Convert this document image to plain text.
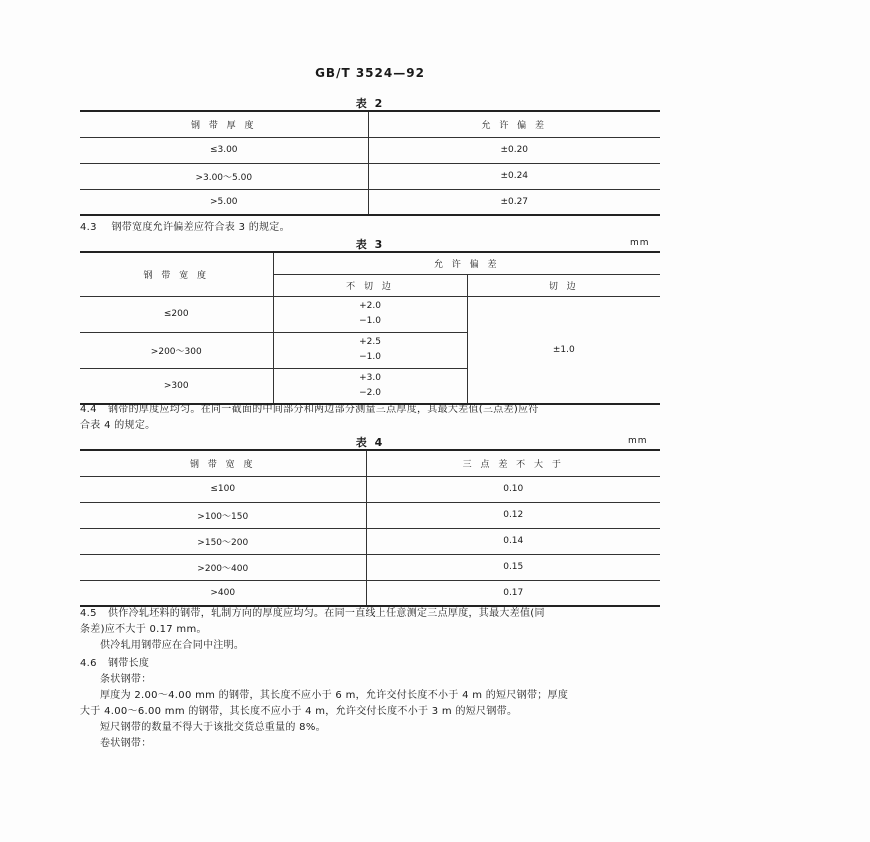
GB/T 3524—92
表 2
钢 带 厚 度	允 许 偏 差
≤3.00	±0.20
>3.00～5.00	±0.24
>5.00	±0.27
4.3 钢带宽度允许偏差应符合表 3 的规定。
表 3	mm
钢 带 宽 度	允 许 偏 差	
	不 切 边	切 边
≤200	+2.0
−1.0	±1.0
>200～300	+2.5
−1.0	

>300	+3.0
−2.0	
4.4 钢带的厚度应均匀。在同一截面的中间部分和两边部分测量三点厚度，其最大差值(三点差)应符
合表 4 的规定。
表 4	mm
钢 带 宽 度	三 点 差 不 大 于
≤100	0.10
>100～150	0.12
>150～200	0.14
>200～400	0.15
>400	0.17
4.5 供作冷轧坯料的钢带，轧制方向的厚度应均匀。在同一直线上任意测定三点厚度，其最大差值(同
条差)应不大于 0.17 mm。
供冷轧用钢带应在合同中注明。
4.6 钢带长度
条状钢带：
厚度为 2.00～4.00 mm 的钢带，其长度不应小于 6 m，允许交付长度不小于 4 m 的短尺钢带；厚度
大于 4.00～6.00 mm 的钢带，其长度不应小于 4 m，允许交付长度不小于 3 m 的短尺钢带。
短尺钢带的数量不得大于该批交货总重量的 8%。
卷状钢带：
